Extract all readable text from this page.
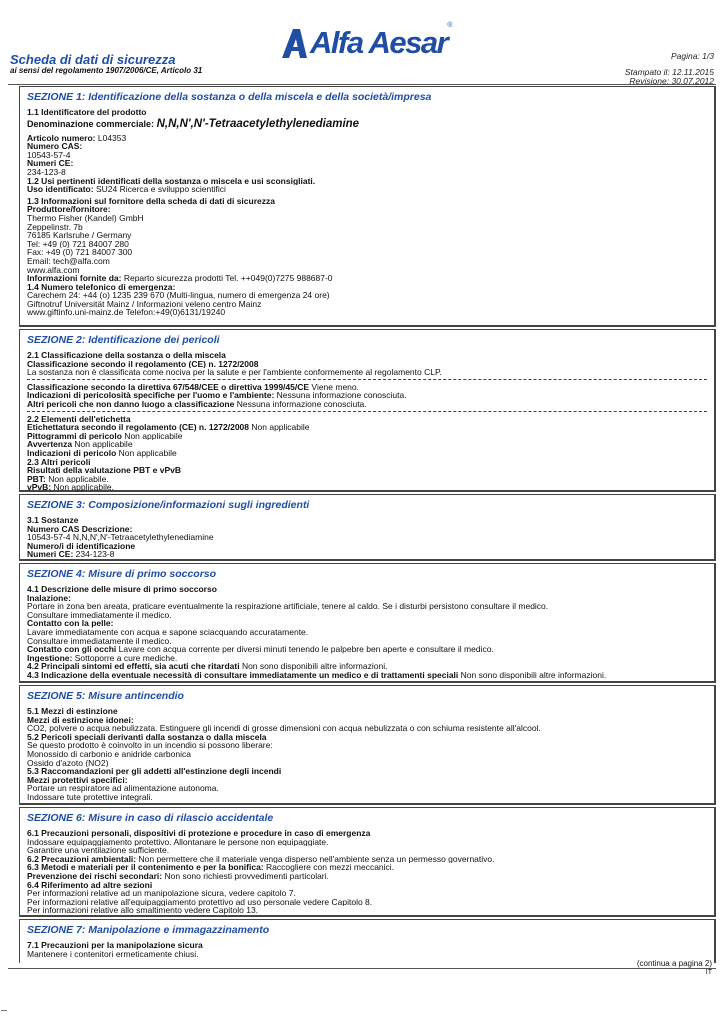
Alfa Aesar ®
Scheda di dati di sicurezza
ai sensi del regolamento 1907/2006/CE, Articolo 31
Pagina: 1/3
Stampato il: 12.11.2015
Revisione: 30.07.2012
SEZIONE 1: Identificazione della sostanza o della miscela e della società/impresa
1.1 Identificatore del prodotto
Denominazione commerciale: N,N,N',N'-Tetraacetylethylenediamine
Articolo numero: L04353
Numero CAS:
10543-57-4
Numeri CE:
234-123-8
1.2 Usi pertinenti identificati della sostanza o miscela e usi sconsigliati.
Uso identificato: SU24 Ricerca e sviluppo scientifici
1.3 Informazioni sul fornitore della scheda di dati di sicurezza
Produttore/fornitore:
Thermo Fisher (Kandel) GmbH
Zeppelinstr. 7b
76185 Karlsruhe / Germany
Tel: +49 (0) 721 84007 280
Fax: +49 (0) 721 84007 300
Email: tech@alfa.com
www.alfa.com
Informazioni fornite da: Reparto sicurezza prodotti Tel. ++049(0)7275 988687-0
1.4 Numero telefonico di emergenza:
Carechem 24: +44 (o) 1235 239 670 (Multi-lingua, numero di emergenza 24 ore)
Giftnotruf Universität Mainz / Informazioni veleno centro Mainz
www.giftinfo.uni-mainz.de Telefon:+49(0)6131/19240
SEZIONE 2: Identificazione dei pericoli
2.1 Classificazione della sostanza o della miscela
Classificazione secondo il regolamento (CE) n. 1272/2008
La sostanza non è classificata come nociva per la salute e per l'ambiente conformemente al regolamento CLP.
Classificazione secondo la direttiva 67/548/CEE o direttiva 1999/45/CE Viene meno.
Indicazioni di pericolosità specifiche per l'uomo e l'ambiente: Nessuna informazione conosciuta.
Altri pericoli che non danno luogo a classificazione Nessuna informazione conosciuta.
2.2 Elementi dell'etichetta
Etichettatura secondo il regolamento (CE) n. 1272/2008 Non applicabile
Pittogrammi di pericolo Non applicabile
Avvertenza Non applicabile
Indicazioni di pericolo Non applicabile
2.3 Altri pericoli
Risultati della valutazione PBT e vPvB
PBT: Non applicabile.
vPvB: Non applicabile.
SEZIONE 3: Composizione/informazioni sugli ingredienti
3.1 Sostanze
Numero CAS Descrizione:
10543-57-4 N,N,N',N'-Tetraacetylethylenediamine
Numero/i di identificazione
Numeri CE: 234-123-8
SEZIONE 4: Misure di primo soccorso
4.1 Descrizione delle misure di primo soccorso
Inalazione:
Portare in zona ben areata, praticare eventualmente la respirazione artificiale, tenere al caldo. Se i disturbi persistono consultare il medico.
Consultare immediatamente il medico.
Contatto con la pelle:
Lavare immediatamente con acqua e sapone sciacquando accuratamente.
Consultare immediatamente il medico.
Contatto con gli occhi Lavare con acqua corrente per diversi minuti tenendo le palpebre ben aperte e consultare il medico.
Ingestione: Sottoporre a cure mediche.
4.2 Principali sintomi ed effetti, sia acuti che ritardati Non sono disponibili altre informazioni.
4.3 Indicazione della eventuale necessità di consultare immediatamente un medico e di trattamenti speciali Non sono disponibili altre informazioni.
SEZIONE 5: Misure antincendio
5.1 Mezzi di estinzione
Mezzi di estinzione idonei:
CO2, polvere o acqua nebulizzata. Estinguere gli incendi di grosse dimensioni con acqua nebulizzata o con schiuma resistente all'alcool.
5.2 Pericoli speciali derivanti dalla sostanza o dalla miscela
Se questo prodotto è coinvolto in un incendio si possono liberare:
Monossido di carbonio e anidride carbonica
Ossido d'azoto (NO2)
5.3 Raccomandazioni per gli addetti all'estinzione degli incendi
Mezzi protettivi specifici:
Portare un respiratore ad alimentazione autonoma.
Indossare tute protettive integrali.
SEZIONE 6: Misure in caso di rilascio accidentale
6.1 Precauzioni personali, dispositivi di protezione e procedure in caso di emergenza
Indossare equipaggiamento protettivo. Allontanare le persone non equipaggiate.
Garantire una ventilazione sufficiente.
6.2 Precauzioni ambientali: Non permettere che il materiale venga disperso nell'ambiente senza un permesso governativo.
6.3 Metodi e materiali per il contenimento e per la bonifica: Raccogliere con mezzi meccanici.
Prevenzione dei rischi secondari: Non sono richiesti provvedimenti particolari.
6.4 Riferimento ad altre sezioni
Per informazioni relative ad un manipolazione sicura, vedere capitolo 7.
Per informazioni relative all'equipaggiamento protettivo ad uso personale vedere Capitolo 8.
Per informazioni relative allo smaltimento vedere Capitolo 13.
SEZIONE 7: Manipolazione e immagazzinamento
7.1 Precauzioni per la manipolazione sicura
Mantenere i contenitori ermeticamente chiusi.
(continua a pagina 2)
IT
